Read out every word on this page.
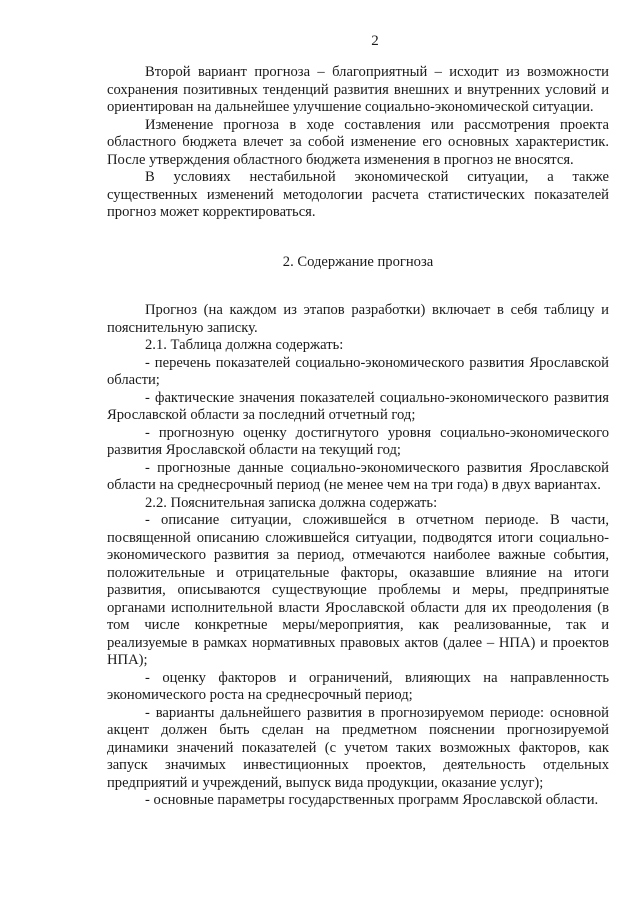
2

Второй вариант прогноза – благоприятный – исходит из возможности сохранения позитивных тенденций развития внешних и внутренних условий и ориентирован на дальнейшее улучшение социально-экономической ситуации.

Изменение прогноза в ходе составления или рассмотрения проекта областного бюджета влечет за собой изменение его основных характеристик. После утверждения областного бюджета изменения в прогноз не вносятся.

В условиях нестабильной экономической ситуации, а также существенных изменений методологии расчета статистических показателей прогноз может корректироваться.

2. Содержание прогноза

Прогноз (на каждом из этапов разработки) включает в себя таблицу и пояснительную записку.

2.1. Таблица должна содержать:

- перечень показателей социально-экономического развития Ярославской области;

- фактические значения показателей социально-экономического развития Ярославской области за последний отчетный год;

- прогнозную оценку достигнутого уровня социально-экономического развития Ярославской области на текущий год;

- прогнозные данные социально-экономического развития Ярославской области на среднесрочный период (не менее чем на три года) в двух вариантах.

2.2. Пояснительная записка должна содержать:

- описание ситуации, сложившейся в отчетном периоде. В части, посвященной описанию сложившейся ситуации, подводятся итоги социально-экономического развития за период, отмечаются наиболее важные события, положительные и отрицательные факторы, оказавшие влияние на итоги развития, описываются существующие проблемы и меры, предпринятые органами исполнительной власти Ярославской области для их преодоления (в том числе конкретные меры/мероприятия, как реализованные, так и реализуемые в рамках нормативных правовых актов (далее – НПА) и проектов НПА);

- оценку факторов и ограничений, влияющих на направленность экономического роста на среднесрочный период;

- варианты дальнейшего развития в прогнозируемом периоде: основной акцент должен быть сделан на предметном пояснении прогнозируемой динамики значений показателей (с учетом таких возможных факторов, как запуск значимых инвестиционных проектов, деятельность отдельных предприятий и учреждений, выпуск вида продукции, оказание услуг);

- основные параметры государственных программ Ярославской области.
